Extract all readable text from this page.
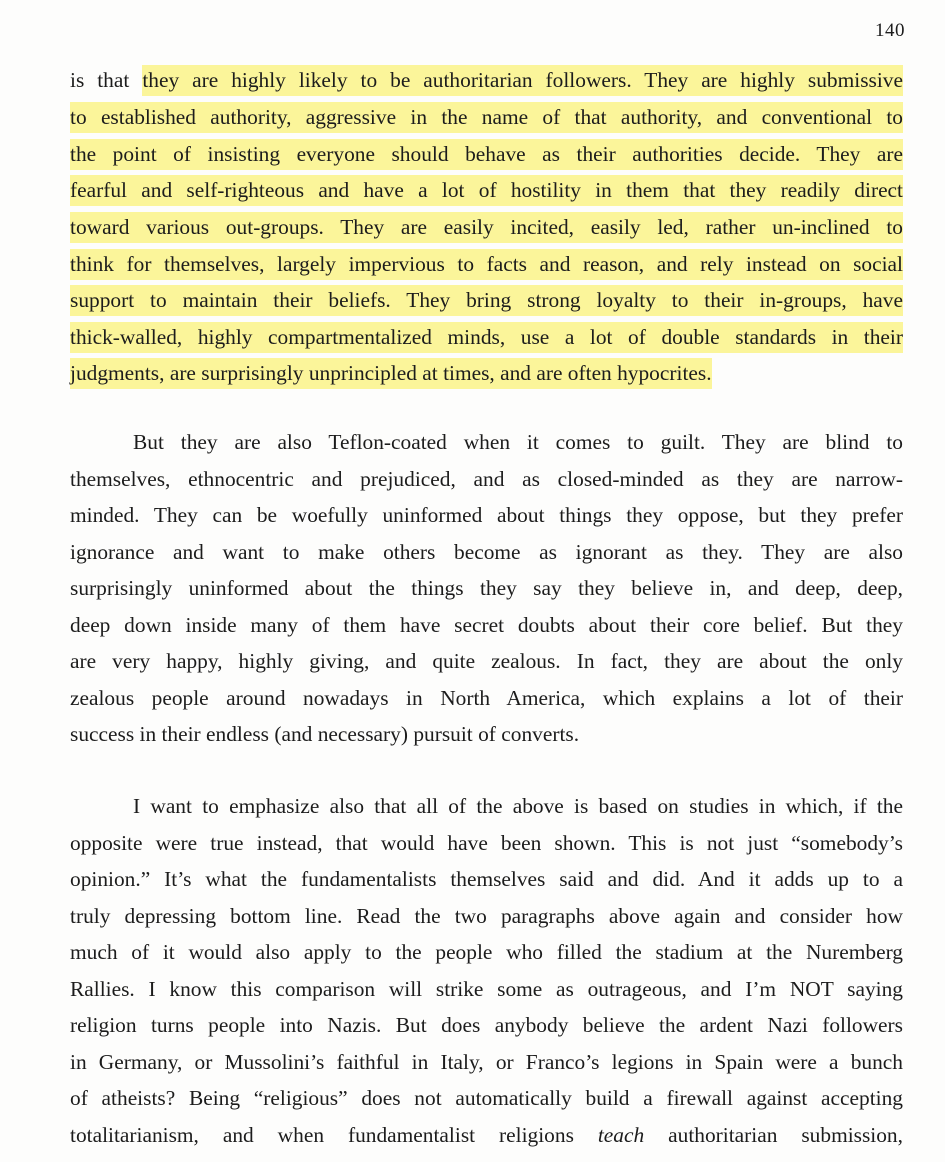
140
is that they are highly likely to be authoritarian followers. They are highly submissive
to established authority, aggressive in the name of that authority, and conventional to
the point of insisting everyone should behave as their authorities decide. They are
fearful and self-righteous and have a lot of hostility in them that they readily direct
toward various out-groups. They are easily incited, easily led, rather un-inclined to
think for themselves, largely impervious to facts and reason, and rely instead on social
support to maintain their beliefs. They bring strong loyalty to their in-groups, have
thick-walled, highly compartmentalized minds, use a lot of double standards in their
judgments, are surprisingly unprincipled at times, and are often hypocrites.
But they are also Teflon-coated when it comes to guilt. They are blind to
themselves, ethnocentric and prejudiced, and as closed-minded as they are narrow-
minded. They can be woefully uninformed about things they oppose, but they prefer
ignorance and want to make others become as ignorant as they. They are also
surprisingly uninformed about the things they say they believe in, and deep, deep,
deep down inside many of them have secret doubts about their core belief. But they
are very happy, highly giving, and quite zealous. In fact, they are about the only
zealous people around nowadays in North America, which explains a lot of their
success in their endless (and necessary) pursuit of converts.
I want to emphasize also that all of the above is based on studies in which, if the
opposite were true instead, that would have been shown. This is not just “somebody’s
opinion.” It’s what the fundamentalists themselves said and did. And it adds up to a
truly depressing bottom line. Read the two paragraphs above again and consider how
much of it would also apply to the people who filled the stadium at the Nuremberg
Rallies. I know this comparison will strike some as outrageous, and I’m NOT saying
religion turns people into Nazis. But does anybody believe the ardent Nazi followers
in Germany, or Mussolini’s faithful in Italy, or Franco’s legions in Spain were a bunch
of atheists? Being “religious” does not automatically build a firewall against accepting
totalitarianism, and when fundamentalist religions teach authoritarian submission,
